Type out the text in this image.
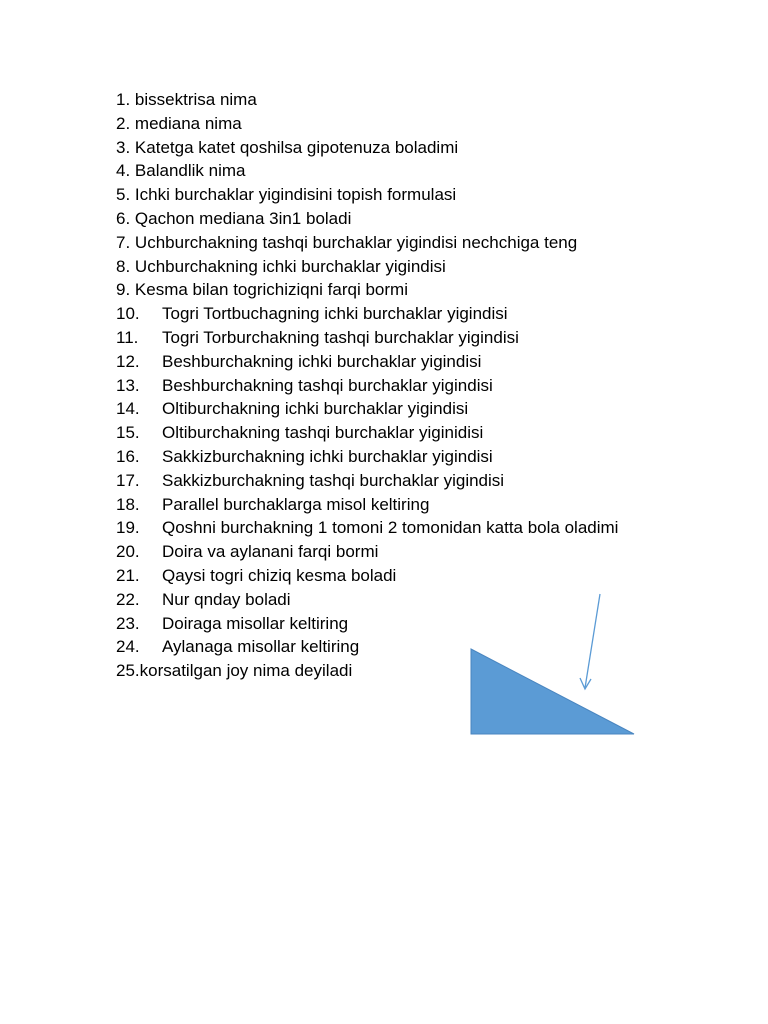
1. bissektrisa nima
2. mediana nima
3. Katetga katet qoshilsa gipotenuza boladimi
4. Balandlik nima
5. Ichki burchaklar yigindisini topish formulasi
6. Qachon mediana 3in1 boladi
7. Uchburchakning tashqi burchaklar yigindisi nechchiga teng
8. Uchburchakning ichki burchaklar yigindisi
9. Kesma bilan togrichiziqni farqi bormi
10. Togri Tortbuchagning ichki burchaklar yigindisi
11. Togri Torburchakning tashqi burchaklar yigindisi
12. Beshburchakning ichki burchaklar yigindisi
13. Beshburchakning tashqi burchaklar yigindisi
14. Oltiburchakning ichki burchaklar yigindisi
15. Oltiburchakning tashqi burchaklar yiginidisi
16. Sakkizburchakning ichki burchaklar yigindisi
17. Sakkizburchakning tashqi burchaklar yigindisi
18. Parallel burchaklarga misol keltiring
19. Qoshni burchakning 1 tomoni 2 tomonidan katta bola oladimi
20. Doira va aylanani farqi bormi
21. Qaysi togri chiziq kesma boladi
22. Nur qnday boladi
23. Doiraga misollar keltiring
24. Aylanaga misollar keltiring
25.korsatilgan joy nima deyiladi
